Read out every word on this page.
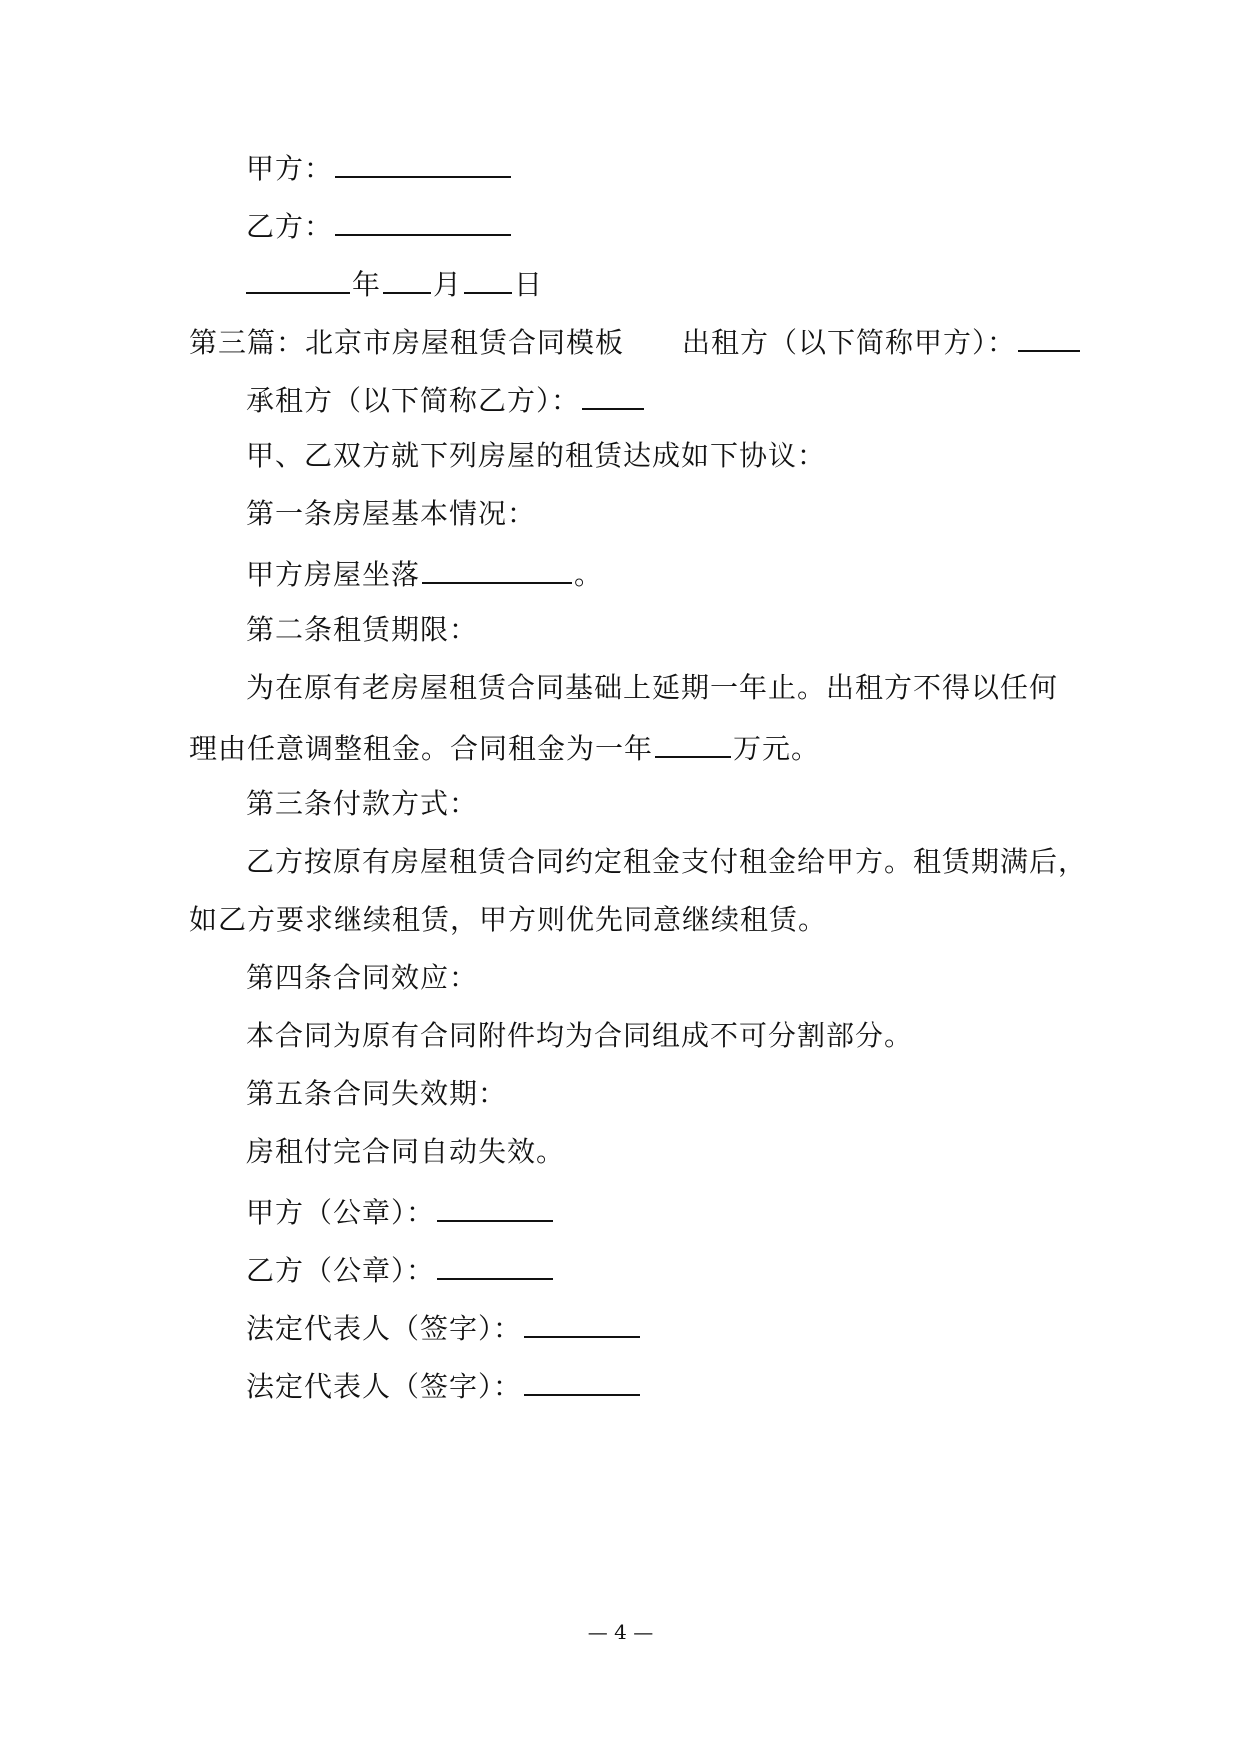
甲方：
乙方：
年 月 日
第三篇：北京市房屋租赁合同模板 出租方（以下简称甲方）：
承租方（以下简称乙方）：
甲、乙双方就下列房屋的租赁达成如下协议：
第一条房屋基本情况：
甲方房屋坐落	。
第二条租赁期限：
为在原有老房屋租赁合同基础上延期一年止。出租方不得以任何
理由任意调整租金。合同租金为一年	万元。
第三条付款方式：
乙方按原有房屋租赁合同约定租金支付租金给甲方。租赁期满后，
如乙方要求继续租赁，甲方则优先同意继续租赁。
第四条合同效应：
本合同为原有合同附件均为合同组成不可分割部分。
第五条合同失效期：
房租付完合同自动失效。
甲方（公章）：
乙方（公章）：
法定代表人（签字）：
法定代表人（签字）：
— 4 —
